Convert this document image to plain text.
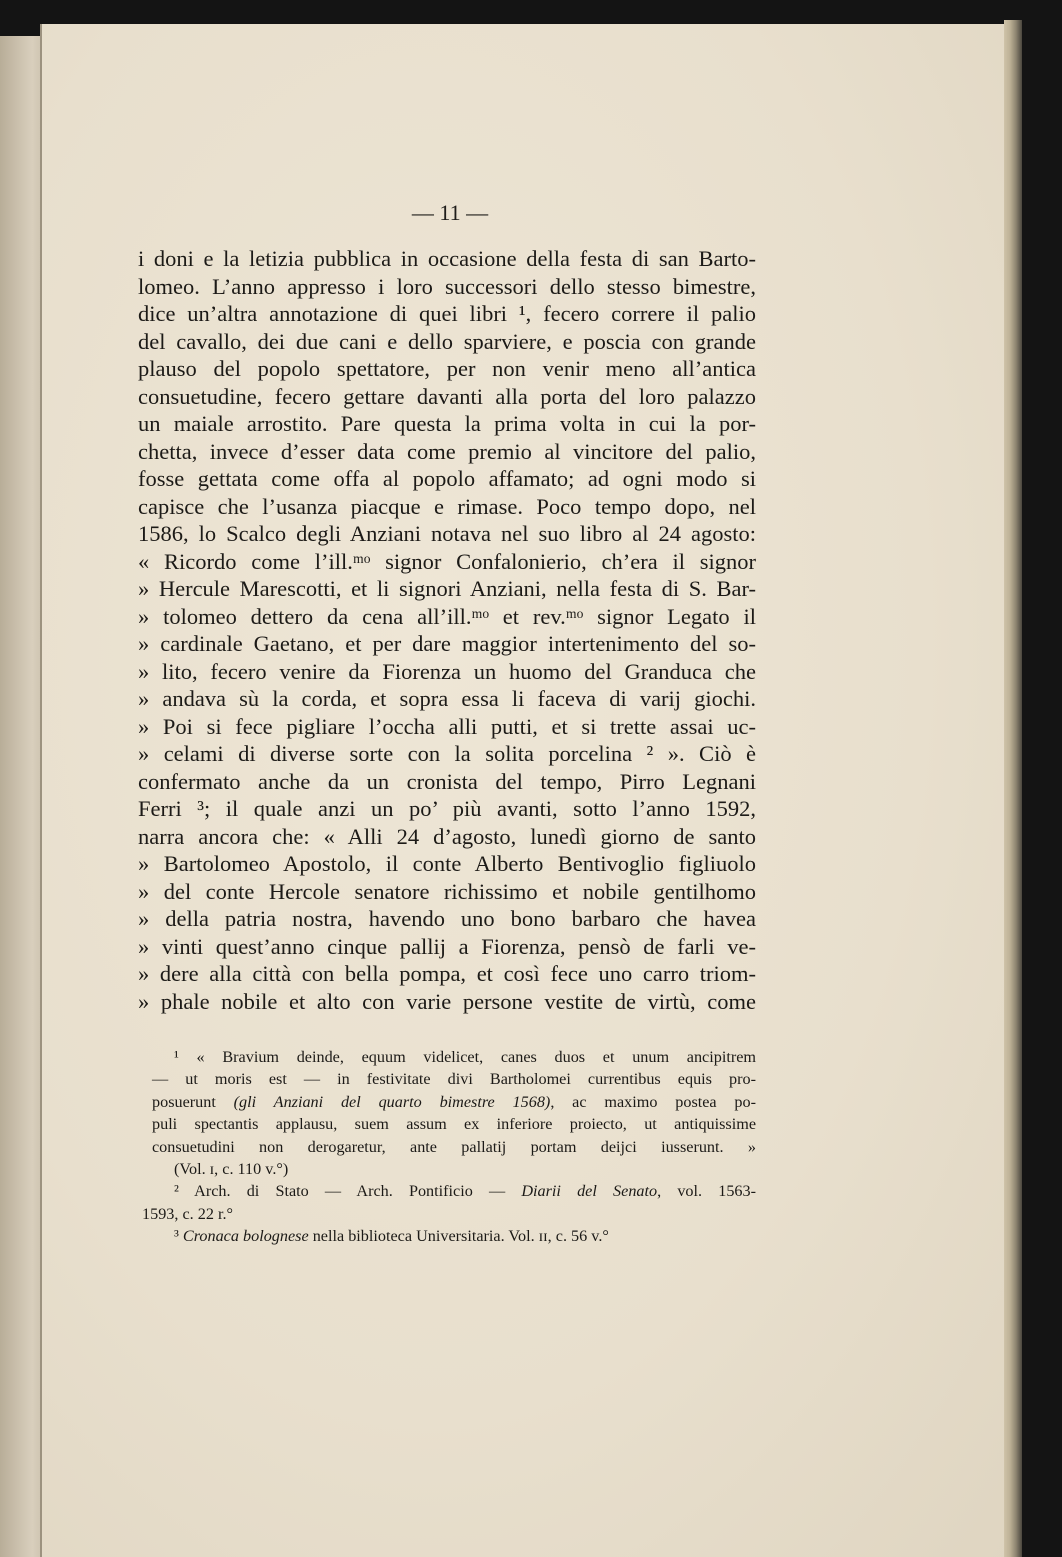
— 11 —
i doni e la letizia pubblica in occasione della festa di san Barto-
lomeo. L’anno appresso i loro successori dello stesso bimestre,
dice un’altra annotazione di quei libri ¹, fecero correre il palio
del cavallo, dei due cani e dello sparviere, e poscia con grande
plauso del popolo spettatore, per non venir meno all’antica
consuetudine, fecero gettare davanti alla porta del loro palazzo
un maiale arrostito. Pare questa la prima volta in cui la por-
chetta, invece d’esser data come premio al vincitore del palio,
fosse gettata come offa al popolo affamato; ad ogni modo si
capisce che l’usanza piacque e rimase. Poco tempo dopo, nel
1586, lo Scalco degli Anziani notava nel suo libro al 24 agosto:
« Ricordo come l’ill.ᵐᵒ signor Confalonierio, ch’era il signor
» Hercule Marescotti, et li signori Anziani, nella festa di S. Bar-
» tolomeo dettero da cena all’ill.ᵐᵒ et rev.ᵐᵒ signor Legato il
» cardinale Gaetano, et per dare maggior intertenimento del so-
» lito, fecero venire da Fiorenza un huomo del Granduca che
» andava sù la corda, et sopra essa li faceva di varij giochi.
» Poi si fece pigliare l’occha alli putti, et si trette assai uc-
» celami di diverse sorte con la solita porcelina ² ». Ciò è
confermato anche da un cronista del tempo, Pirro Legnani
Ferri ³; il quale anzi un po’ più avanti, sotto l’anno 1592,
narra ancora che: « Alli 24 d’agosto, lunedì giorno de santo
» Bartolomeo Apostolo, il conte Alberto Bentivoglio figliuolo
» del conte Hercole senatore richissimo et nobile gentilhomo
» della patria nostra, havendo uno bono barbaro che havea
» vinti quest’anno cinque pallij a Fiorenza, pensò de farli ve-
» dere alla città con bella pompa, et così fece uno carro triom-
» phale nobile et alto con varie persone vestite de virtù, come
¹ « Bravium deinde, equum videlicet, canes duos et unum ancipitrem
— ut moris est — in festivitate divi Bartholomei currentibus equis pro-
posuerunt (gli Anziani del quarto bimestre 1568), ac maximo postea po-
puli spectantis applausu, suem assum ex inferiore proiecto, ut antiquissime
consuetudini non derogaretur, ante pallatij portam deijci iusserunt. »
(Vol. ɪ, c. 110 v.°)
² Arch. di Stato — Arch. Pontificio — Diarii del Senato, vol. 1563-
1593, c. 22 r.°
³ Cronaca bolognese nella biblioteca Universitaria. Vol. ɪɪ, c. 56 v.°
